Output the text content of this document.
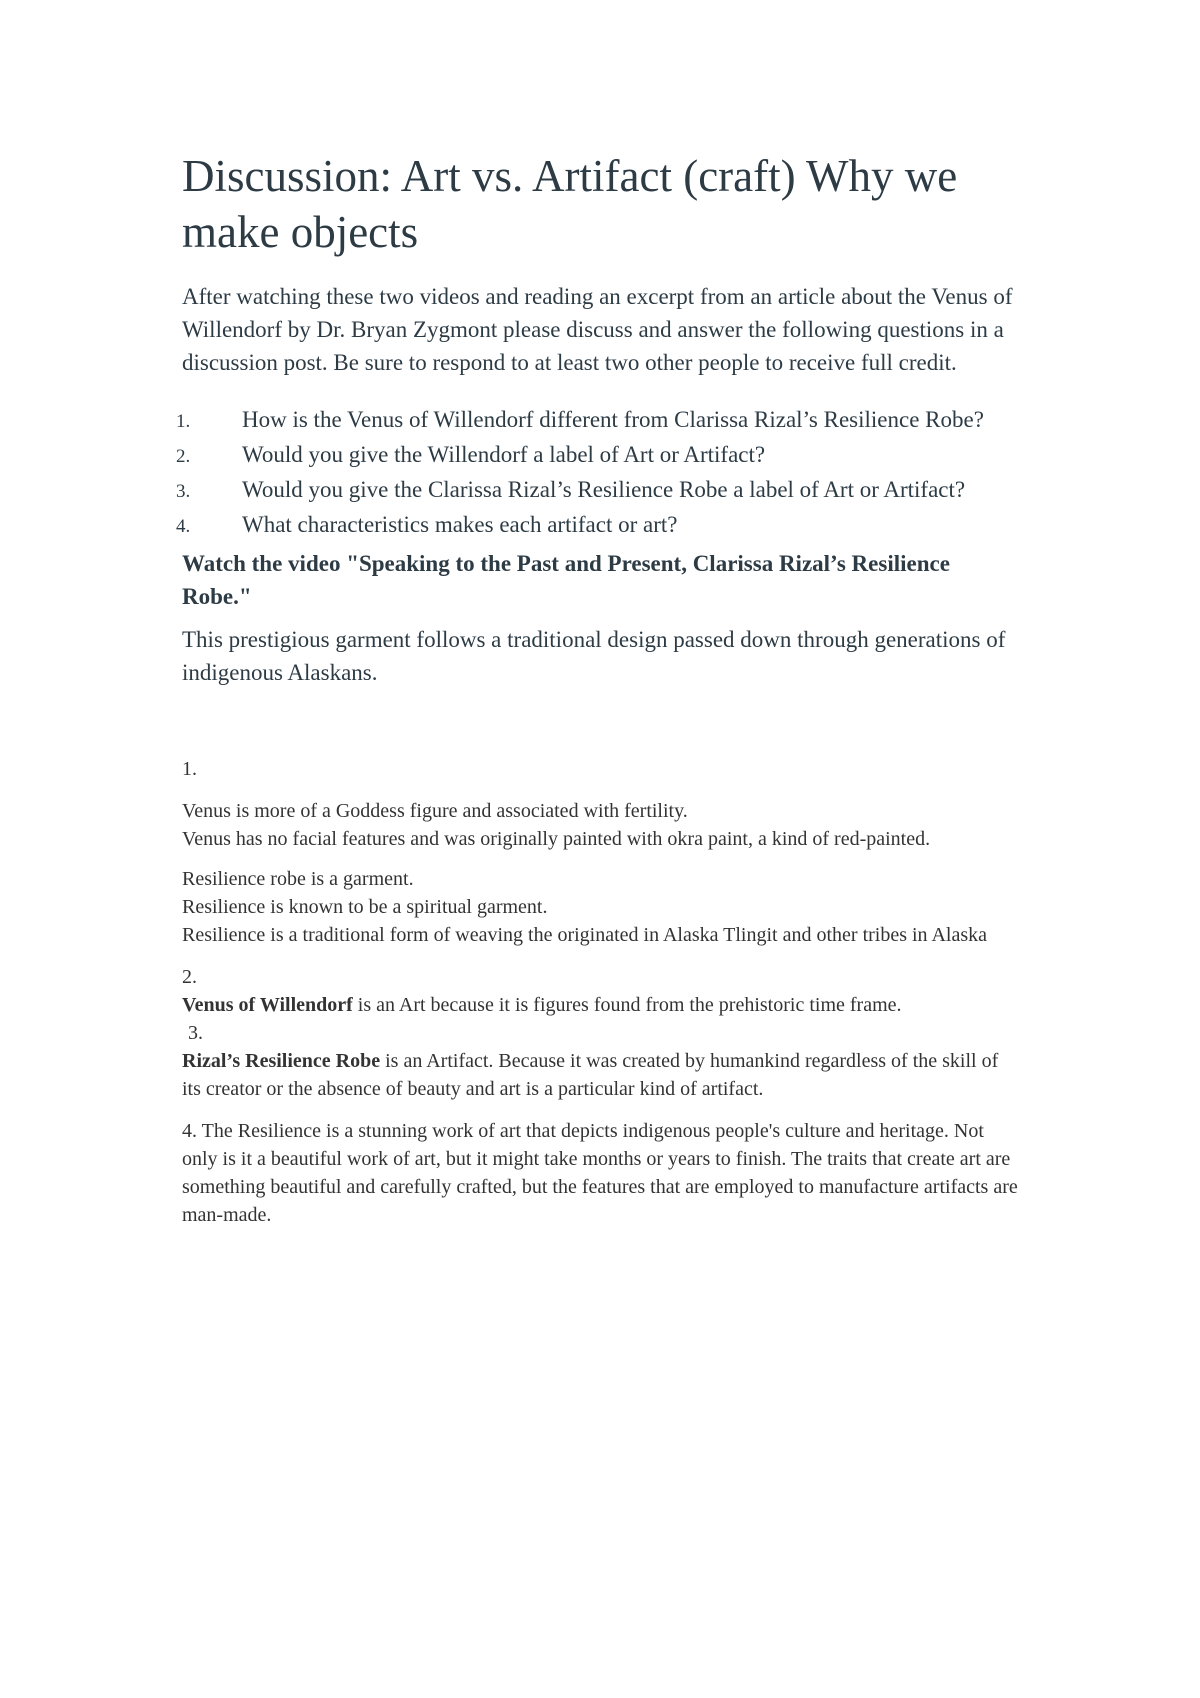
Discussion: Art vs. Artifact (craft) Why we make objects

After watching these two videos and reading an excerpt from an article about the Venus of Willendorf by Dr. Bryan Zygmont please discuss and answer the following questions in a discussion post. Be sure to respond to at least two other people to receive full credit.

1. How is the Venus of Willendorf different from Clarissa Rizal’s Resilience Robe?
2. Would you give the Willendorf a label of Art or Artifact?
3. Would you give the Clarissa Rizal’s Resilience Robe a label of Art or Artifact?
4. What characteristics makes each artifact or art?

Watch the video "Speaking to the Past and Present, Clarissa Rizal’s Resilience Robe."

This prestigious garment follows a traditional design passed down through generations of indigenous Alaskans.

1.

Venus is more of a Goddess figure and associated with fertility.

Venus has no facial features and was originally painted with okra paint, a kind of red-painted.

Resilience robe is a garment.

Resilience is known to be a spiritual garment.

Resilience is a traditional form of weaving the originated in Alaska Tlingit and other tribes in Alaska

2.

Venus of Willendorf is an Art because it is figures found from the prehistoric time frame.

3.

Rizal’s Resilience Robe is an Artifact. Because it was created by humankind regardless of the skill of its creator or the absence of beauty and art is a particular kind of artifact.

4. The Resilience is a stunning work of art that depicts indigenous people's culture and heritage. Not only is it a beautiful work of art, but it might take months or years to finish. The traits that create art are something beautiful and carefully crafted, but the features that are employed to manufacture artifacts are man-made.
